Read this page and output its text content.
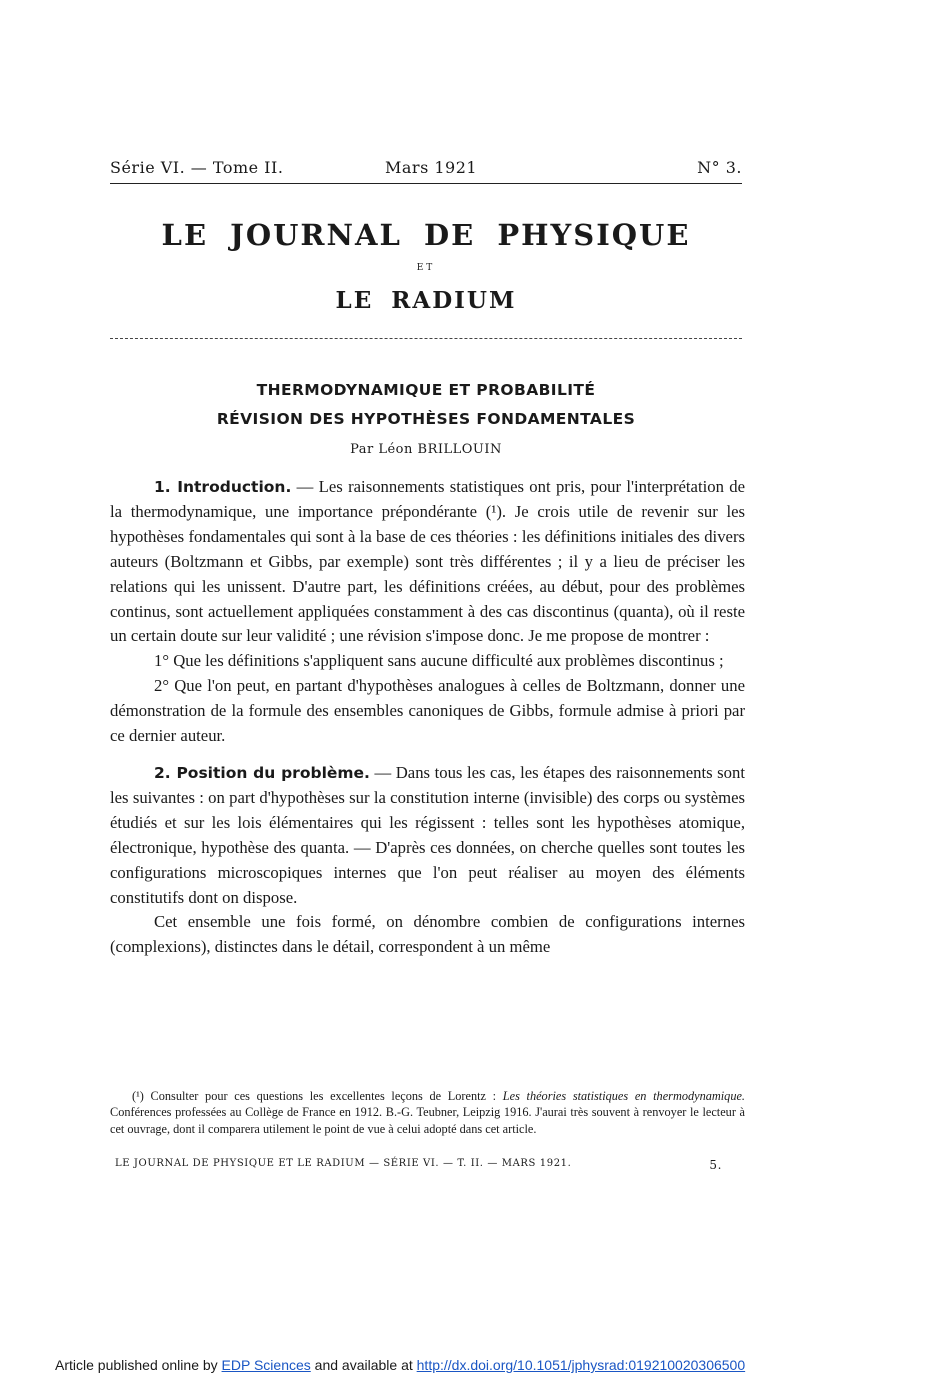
Série VI. — Tome II.	Mars 1921	N° 3.
LE JOURNAL DE PHYSIQUE
ET
LE RADIUM
THERMODYNAMIQUE ET PROBABILITÉ
RÉVISION DES HYPOTHÈSES FONDAMENTALES
Par Léon BRILLOUIN

1. Introduction. — Les raisonnements statistiques ont pris, pour l'interprétation de la thermodynamique, une importance prépondérante (¹). Je crois utile de revenir sur les hypothèses fondamentales qui sont à la base de ces théories : les définitions initiales des divers auteurs (Boltzmann et Gibbs, par exemple) sont très différentes ; il y a lieu de préciser les relations qui les unissent. D'autre part, les définitions créées, au début, pour des problèmes continus, sont actuellement appliquées constamment à des cas discontinus (quanta), où il reste un certain doute sur leur validité ; une révision s'impose donc. Je me propose de montrer :

1° Que les définitions s'appliquent sans aucune difficulté aux problèmes discontinus ;

2° Que l'on peut, en partant d'hypothèses analogues à celles de Boltzmann, donner une démonstration de la formule des ensembles canoniques de Gibbs, formule admise à priori par ce dernier auteur.

2. Position du problème. — Dans tous les cas, les étapes des raisonnements sont les suivantes : on part d'hypothèses sur la constitution interne (invisible) des corps ou systèmes étudiés et sur les lois élémentaires qui les régissent : telles sont les hypothèses atomique, électronique, hypothèse des quanta. — D'après ces données, on cherche quelles sont toutes les configurations microscopiques internes que l'on peut réaliser au moyen des éléments constitutifs dont on dispose.

Cet ensemble une fois formé, on dénombre combien de configurations internes (complexions), distinctes dans le détail, correspondent à un même

(¹) Consulter pour ces questions les excellentes leçons de Lorentz : Les théories statistiques en thermodynamique. Conférences professées au Collège de France en 1912. B.-G. Teubner, Leipzig 1916. J'aurai très souvent à renvoyer le lecteur à cet ouvrage, dont il comparera utilement le point de vue à celui adopté dans cet article.

LE JOURNAL DE PHYSIQUE ET LE RADIUM — SÉRIE VI. — T. II. — MARS 1921.	5.
Article published online by EDP Sciences and available at http://dx.doi.org/10.1051/jphysrad:019210020306500
